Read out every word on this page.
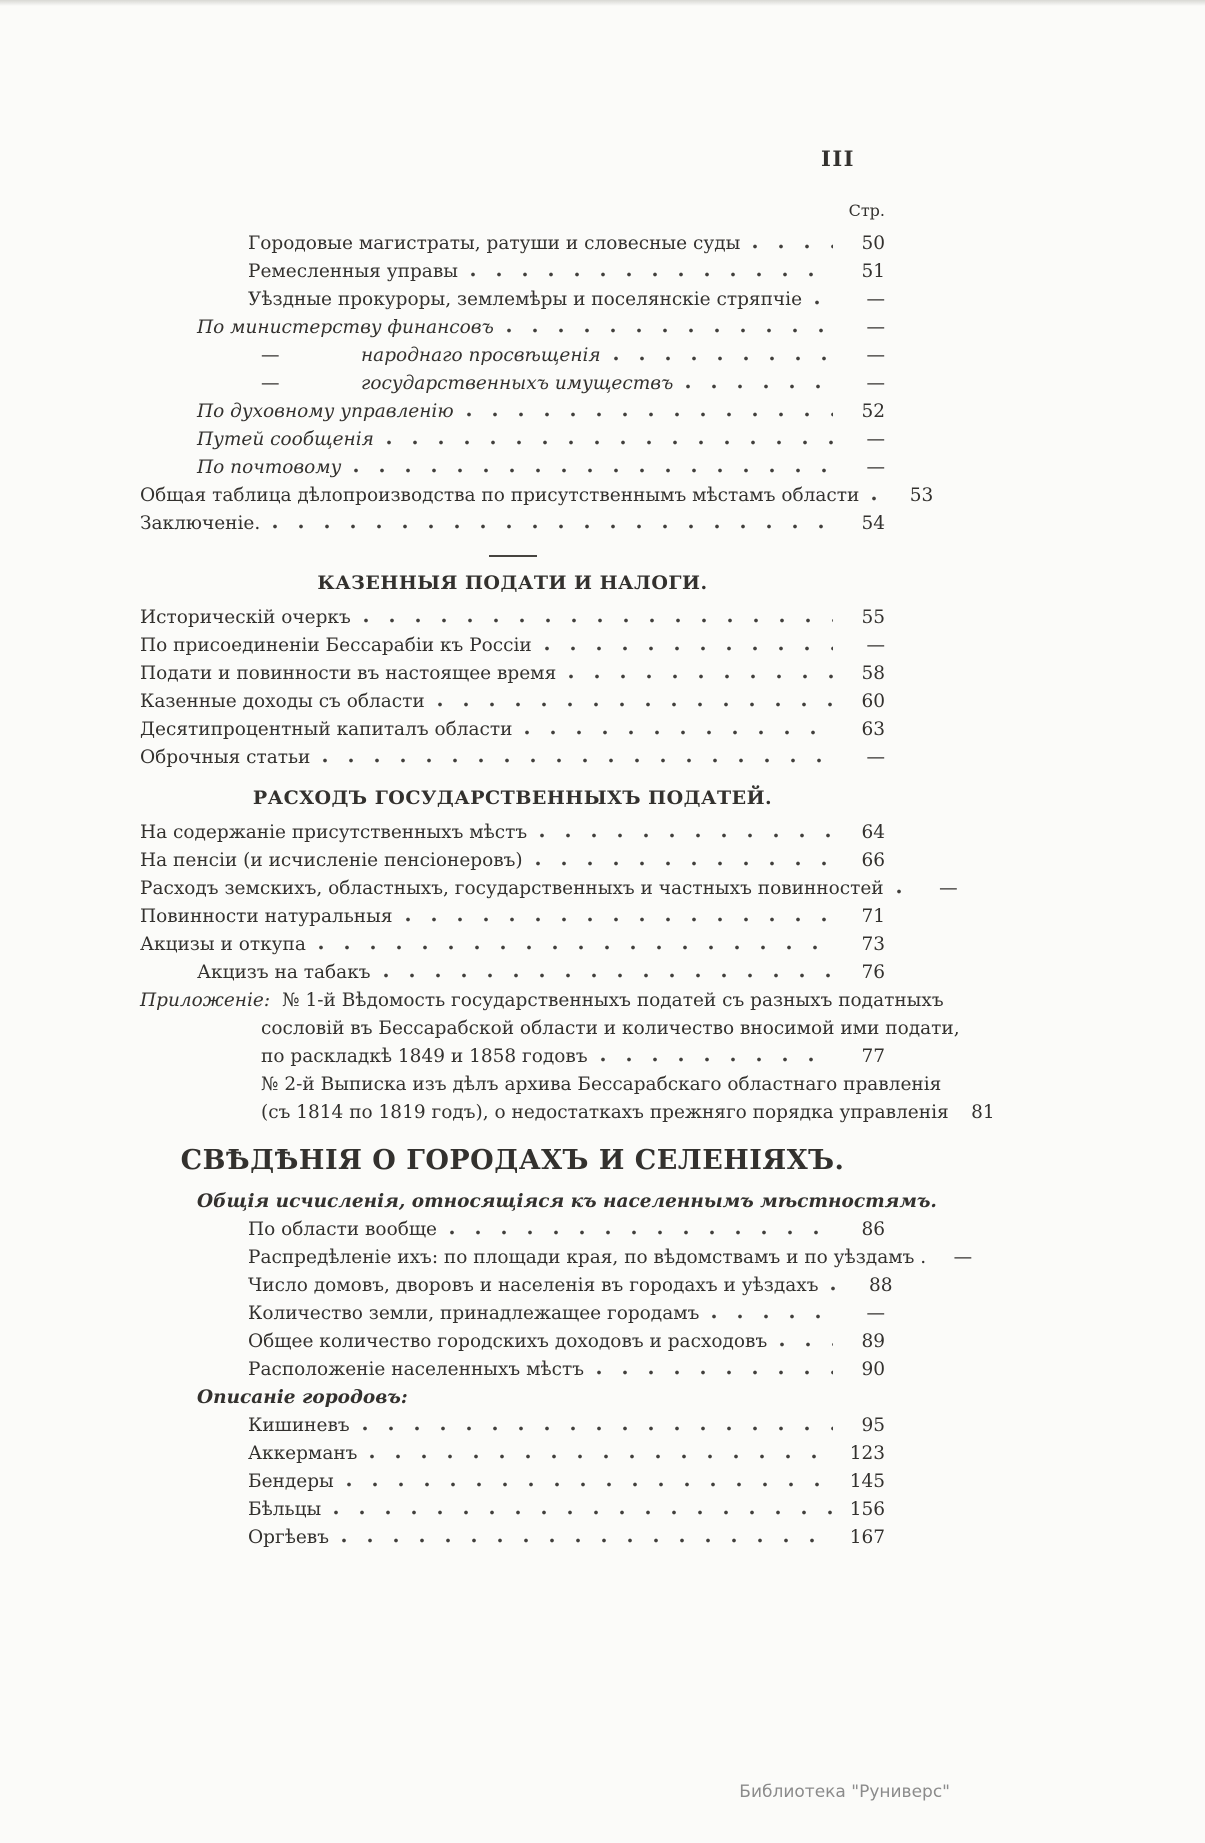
III
Стр.
Городовые магистраты, ратуши и словесные суды	50
Ремесленныя управы	51
Уѣздные прокуроры, землемѣры и поселянскіе стряпчіе	—
По министерству финансовъ	—
—	народнаго просвѣщенія	—
—	государственныхъ имуществъ	—
По духовному управленію	52
Путей сообщенія	—
По почтовому	—
Общая таблица дѣлопроизводства по присутственнымъ мѣстамъ области	53
Заключеніе.	54
КАЗЕННЫЯ ПОДАТИ И НАЛОГИ.
Историческій очеркъ	55
По присоединеніи Бессарабіи къ Россіи	—
Подати и повинности въ настоящее время	58
Казенные доходы съ области	60
Десятипроцентный капиталъ области	63
Оброчныя статьи	—
РАСХОДЪ ГОСУДАРСТВЕННЫХЪ ПОДАТЕЙ.
На содержаніе присутственныхъ мѣстъ	64
На пенсіи (и исчисленіе пенсіонеровъ)	66
Расходъ земскихъ, областныхъ, государственныхъ и частныхъ повинностей	—
Повинности натуральныя	71
Акцизы и откупа	73
Акцизъ на табакъ	76
Приложеніе: № 1-й Вѣдомость государственныхъ податей съ разныхъ податныхъ
сословій въ Бессарабской области и количество вносимой ими подати,
по раскладкѣ 1849 и 1858 годовъ	77
№ 2-й Выписка изъ дѣлъ архива Бессарабскаго областнаго правленія
(съ 1814 по 1819 годъ), о недостаткахъ прежняго порядка управленія	81
СВѢДѢНІЯ О ГОРОДАХЪ И СЕЛЕНІЯХЪ.
Общія исчисленія, относящіяся къ населеннымъ мѣстностямъ.
По области вообще	86
Распредѣленіе ихъ: по площади края, по вѣдомствамъ и по уѣздамъ .	—
Число домовъ, дворовъ и населенія въ городахъ и уѣздахъ	88
Количество земли, принадлежащее городамъ	—
Общее количество городскихъ доходовъ и расходовъ	89
Расположеніе населенныхъ мѣстъ	90
Описаніе городовъ:
Кишиневъ	95
Аккерманъ	123
Бендеры	145
Бѣльцы	156
Оргѣевъ	167
Библиотека "Руниверс"
